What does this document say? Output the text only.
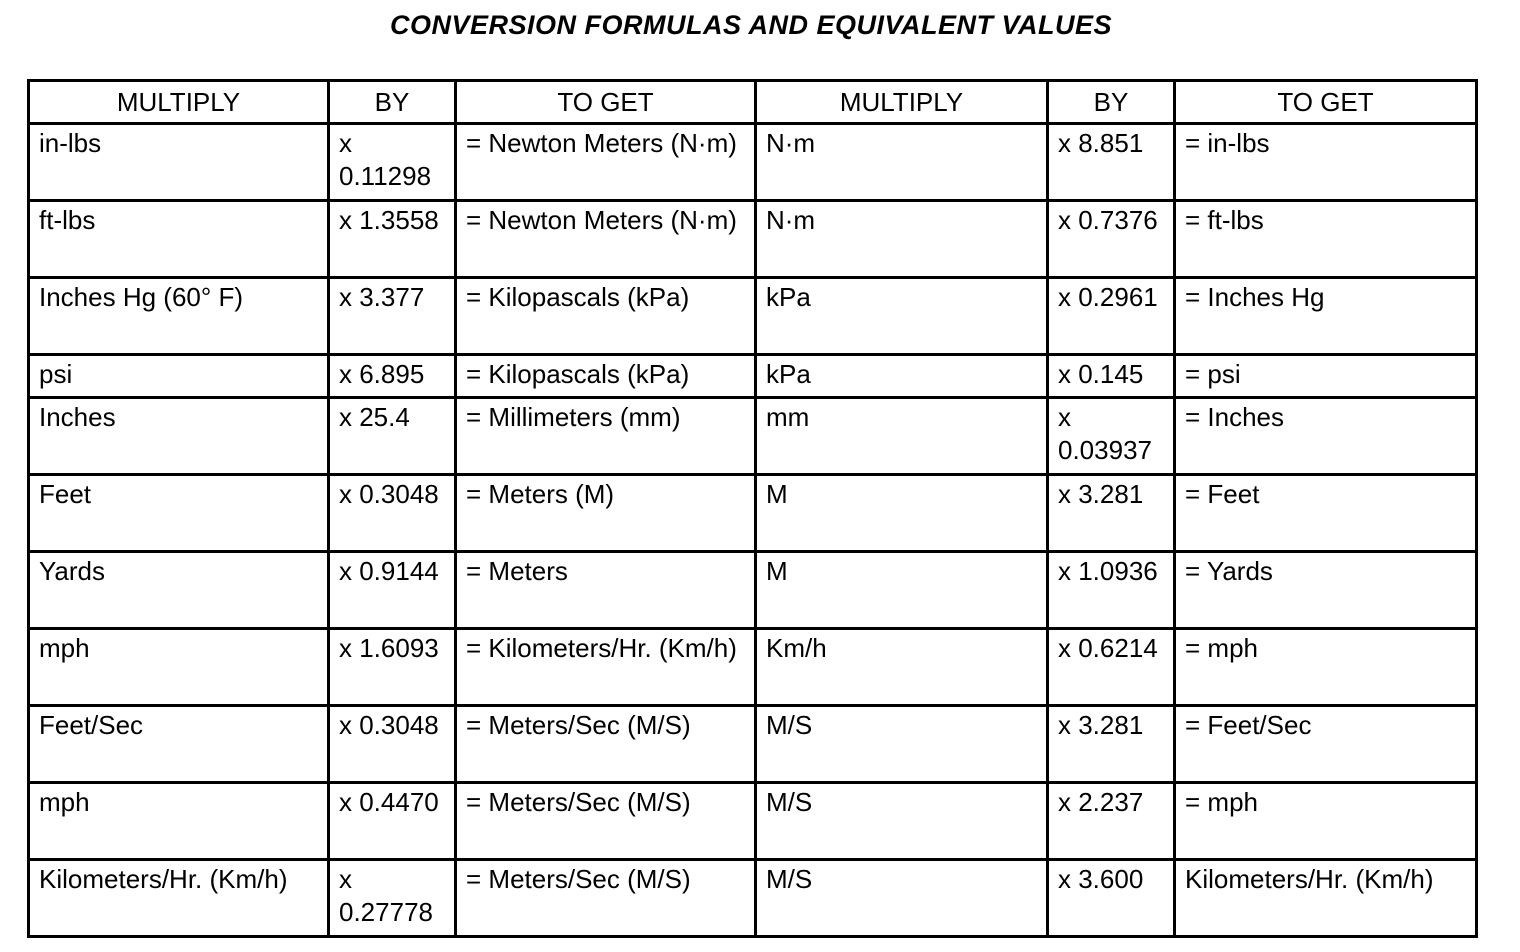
CONVERSION FORMULAS AND EQUIVALENT VALUES
MULTIPLY	BY	TO GET	MULTIPLY	BY	TO GET
in-lbs	x 0.11298	= Newton Meters (N·m)	N·m	x 8.851	= in-lbs
ft-lbs	x 1.3558	= Newton Meters (N·m)	N·m	x 0.7376	= ft-lbs
Inches Hg (60° F)	x 3.377	= Kilopascals (kPa)	kPa	x 0.2961	= Inches Hg
psi	x 6.895	= Kilopascals (kPa)	kPa	x 0.145	= psi
Inches	x 25.4	= Millimeters (mm)	mm	x 0.03937	= Inches
Feet	x 0.3048	= Meters (M)	M	x 3.281	= Feet
Yards	x 0.9144	= Meters	M	x 1.0936	= Yards
mph	x 1.6093	= Kilometers/Hr. (Km/h)	Km/h	x 0.6214	= mph
Feet/Sec	x 0.3048	= Meters/Sec (M/S)	M/S	x 3.281	= Feet/Sec
mph	x 0.4470	= Meters/Sec (M/S)	M/S	x 2.237	= mph
Kilometers/Hr. (Km/h)	x 0.27778	= Meters/Sec (M/S)	M/S	x 3.600	Kilometers/Hr. (Km/h)
